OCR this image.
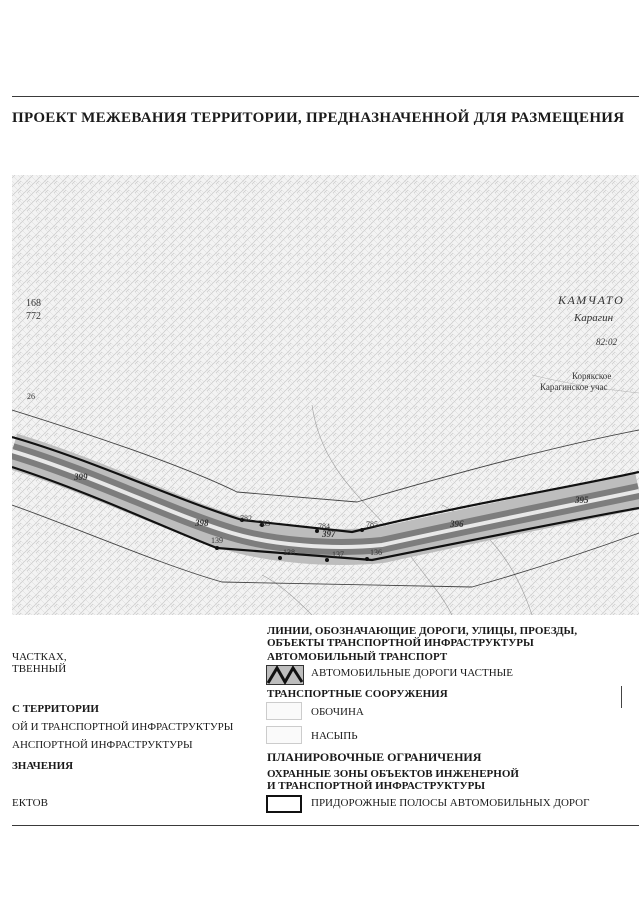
ПРОЕКТ МЕЖЕВАНИЯ ТЕРРИТОРИИ, ПРЕДНАЗНАЧЕННОЙ ДЛЯ РАЗМЕЩЕНИЯ
168
772
26
КАМЧАТО
Карагин
82:02
Корякское
Карагинское учас
399
398
397
396
395
782
783	784	785
139
138	137	136
ЧАСТКАХ,
ТВЕННЫЙ
С ТЕРРИТОРИИ
ОЙ И ТРАНСПОРТНОЙ ИНФРАСТРУКТУРЫ
АНСПОРТНОЙ ИНФРАСТРУКТУРЫ
ЗНАЧЕНИЯ
ЕКТОВ
ЛИНИИ, ОБОЗНАЧАЮЩИЕ ДОРОГИ, УЛИЦЫ, ПРОЕЗДЫ,
ОБЪЕКТЫ ТРАНСПОРТНОЙ ИНФРАСТРУКТУРЫ
АВТОМОБИЛЬНЫЙ ТРАНСПОРТ
АВТОМОБИЛЬНЫЕ ДОРОГИ ЧАСТНЫЕ
ТРАНСПОРТНЫЕ СООРУЖЕНИЯ
ОБОЧИНА
НАСЫПЬ
ПЛАНИРОВОЧНЫЕ ОГРАНИЧЕНИЯ
ОХРАННЫЕ ЗОНЫ ОБЪЕКТОВ ИНЖЕНЕРНОЙ
И ТРАНСПОРТНОЙ ИНФРАСТРУКТУРЫ
ПРИДОРОЖНЫЕ ПОЛОСЫ АВТОМОБИЛЬНЫХ ДОРОГ
